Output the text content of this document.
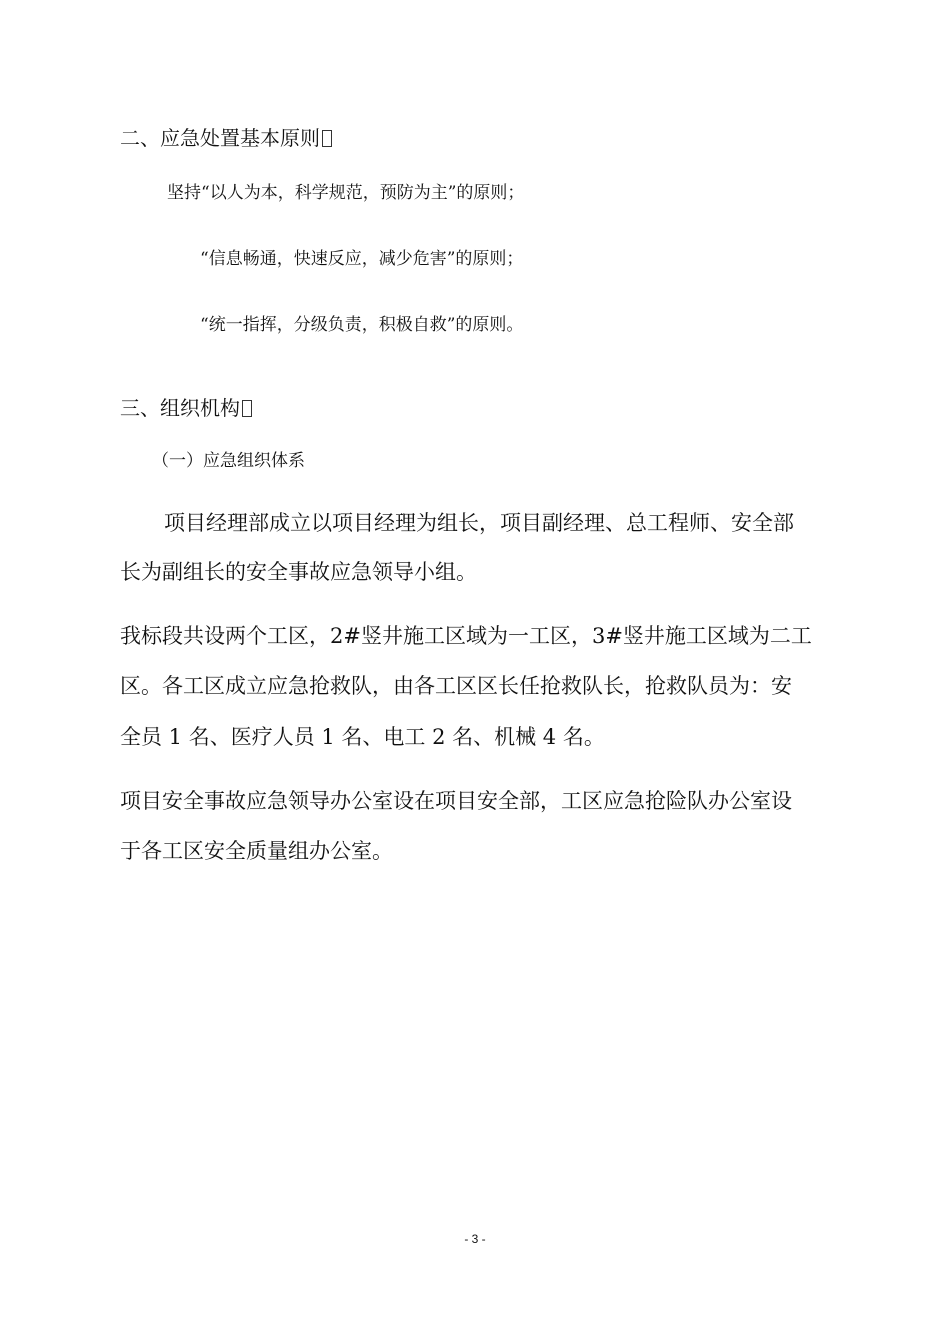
二、应急处置基本原则

坚持“以人为本，科学规范，预防为主”的原则；

“信息畅通，快速反应，减少危害”的原则；

“统一指挥，分级负责，积极自救”的原则。

三、组织机构

（一）应急组织体系

项目经理部成立以项目经理为组长，项目副经理、总工程师、安全部

长为副组长的安全事故应急领导小组。

我标段共设两个工区，2#竖井施工区域为一工区，3#竖井施工区域为二工

区。各工区成立应急抢救队，由各工区区长任抢救队长，抢救队员为：安

全员 1 名、医疗人员 1 名、电工 2 名、机械 4 名。

项目安全事故应急领导办公室设在项目安全部，工区应急抢险队办公室设

于各工区安全质量组办公室。

- 3 -
